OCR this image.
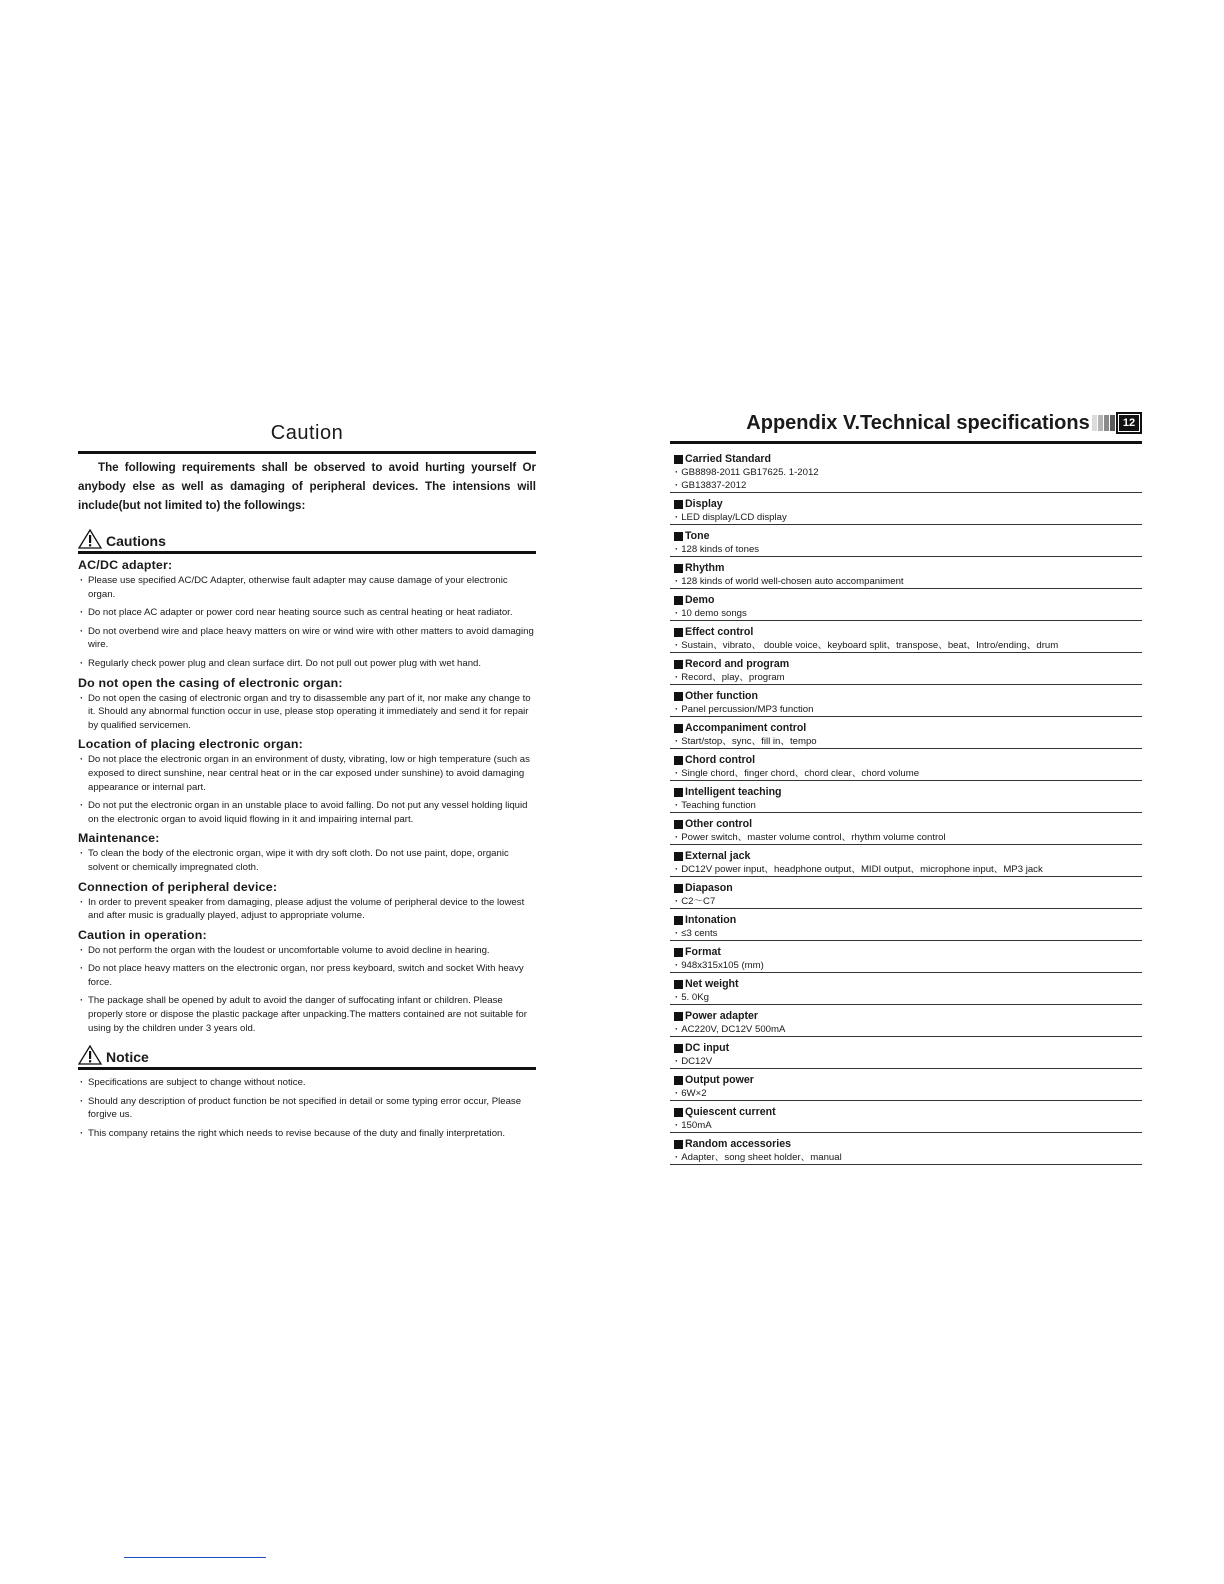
Caution

The following requirements shall be observed to avoid hurting yourself Or anybody else as well as damaging of peripheral devices. The intensions will include(but not limited to) the followings:

Cautions
AC/DC adapter:
· Please use specified AC/DC Adapter, otherwise fault adapter may cause damage of your electronic organ.
· Do not place AC adapter or power cord near heating source such as central heating or heat radiator.
· Do not overbend wire and place heavy matters on wire or wind wire with other matters to avoid damaging wire.
· Regularly check power plug and clean surface dirt. Do not pull out power plug with wet hand.
Do not open the casing of electronic organ:
· Do not open the casing of electronic organ and try to disassemble any part of it, nor make any change to it. Should any abnormal function occur in use, please stop operating it immediately and send it for repair by qualified servicemen.
Location of placing electronic organ:
· Do not place the electronic organ in an environment of dusty, vibrating, low or high temperature (such as exposed to direct sunshine, near central heat or in the car exposed under sunshine) to avoid damaging appearance or internal part.
· Do not put the electronic organ in an unstable place to avoid falling. Do not put any vessel holding liquid on the electronic organ to avoid liquid flowing in it and impairing internal part.
Maintenance:
· To clean the body of the electronic organ, wipe it with dry soft cloth. Do not use paint, dope, organic solvent or chemically impregnated cloth.
Connection of peripheral device:
· In order to prevent speaker from damaging, please adjust the volume of peripheral device to the lowest and after music is gradually played, adjust to appropriate volume.
Caution in operation:
· Do not perform the organ with the loudest or uncomfortable volume to avoid decline in hearing.
· Do not place heavy matters on the electronic organ, nor press keyboard, switch and socket With heavy force.
· The package shall be opened by adult to avoid the danger of suffocating infant or children. Please properly store or dispose the plastic package after unpacking.The matters contained are not suitable for using by the children under 3 years old.
Notice
· Specifications are subject to change without notice.
· Should any description of product function be not specified in detail or some typing error occur, Please forgive us.
· This company retains the right which needs to revise because of the duty and finally interpretation.
Appendix V.Technical specifications	12
Carried Standard
· GB8898-2011 GB17625. 1-2012
· GB13837-2012
Display
· LED display/LCD display
Tone
· 128 kinds of tones
Rhythm
· 128 kinds of world well-chosen auto accompaniment
Demo
· 10 demo songs
Effect control
· Sustain、vibrato、 double voice、keyboard split、transpose、beat、Intro/ending、drum
Record and program
· Record、play、program
Other function
· Panel percussion/MP3 function
Accompaniment control
· Start/stop、sync、fill in、tempo
Chord control
· Single chord、finger chord、chord clear、chord volume
Intelligent teaching
· Teaching function
Other control
· Power switch、master volume control、rhythm volume control
External jack
· DC12V power input、headphone output、MIDI output、microphone input、MP3 jack
Diapason
· C2～C7
Intonation
· ≤3 cents
Format
· 948x315x105 (mm)
Net weight
· 5. 0Kg
Power adapter
· AC220V, DC12V 500mA
DC input
· DC12V
Output power
· 6W×2
Quiescent current
· 150mA
Random accessories
· Adapter、song sheet holder、manual
